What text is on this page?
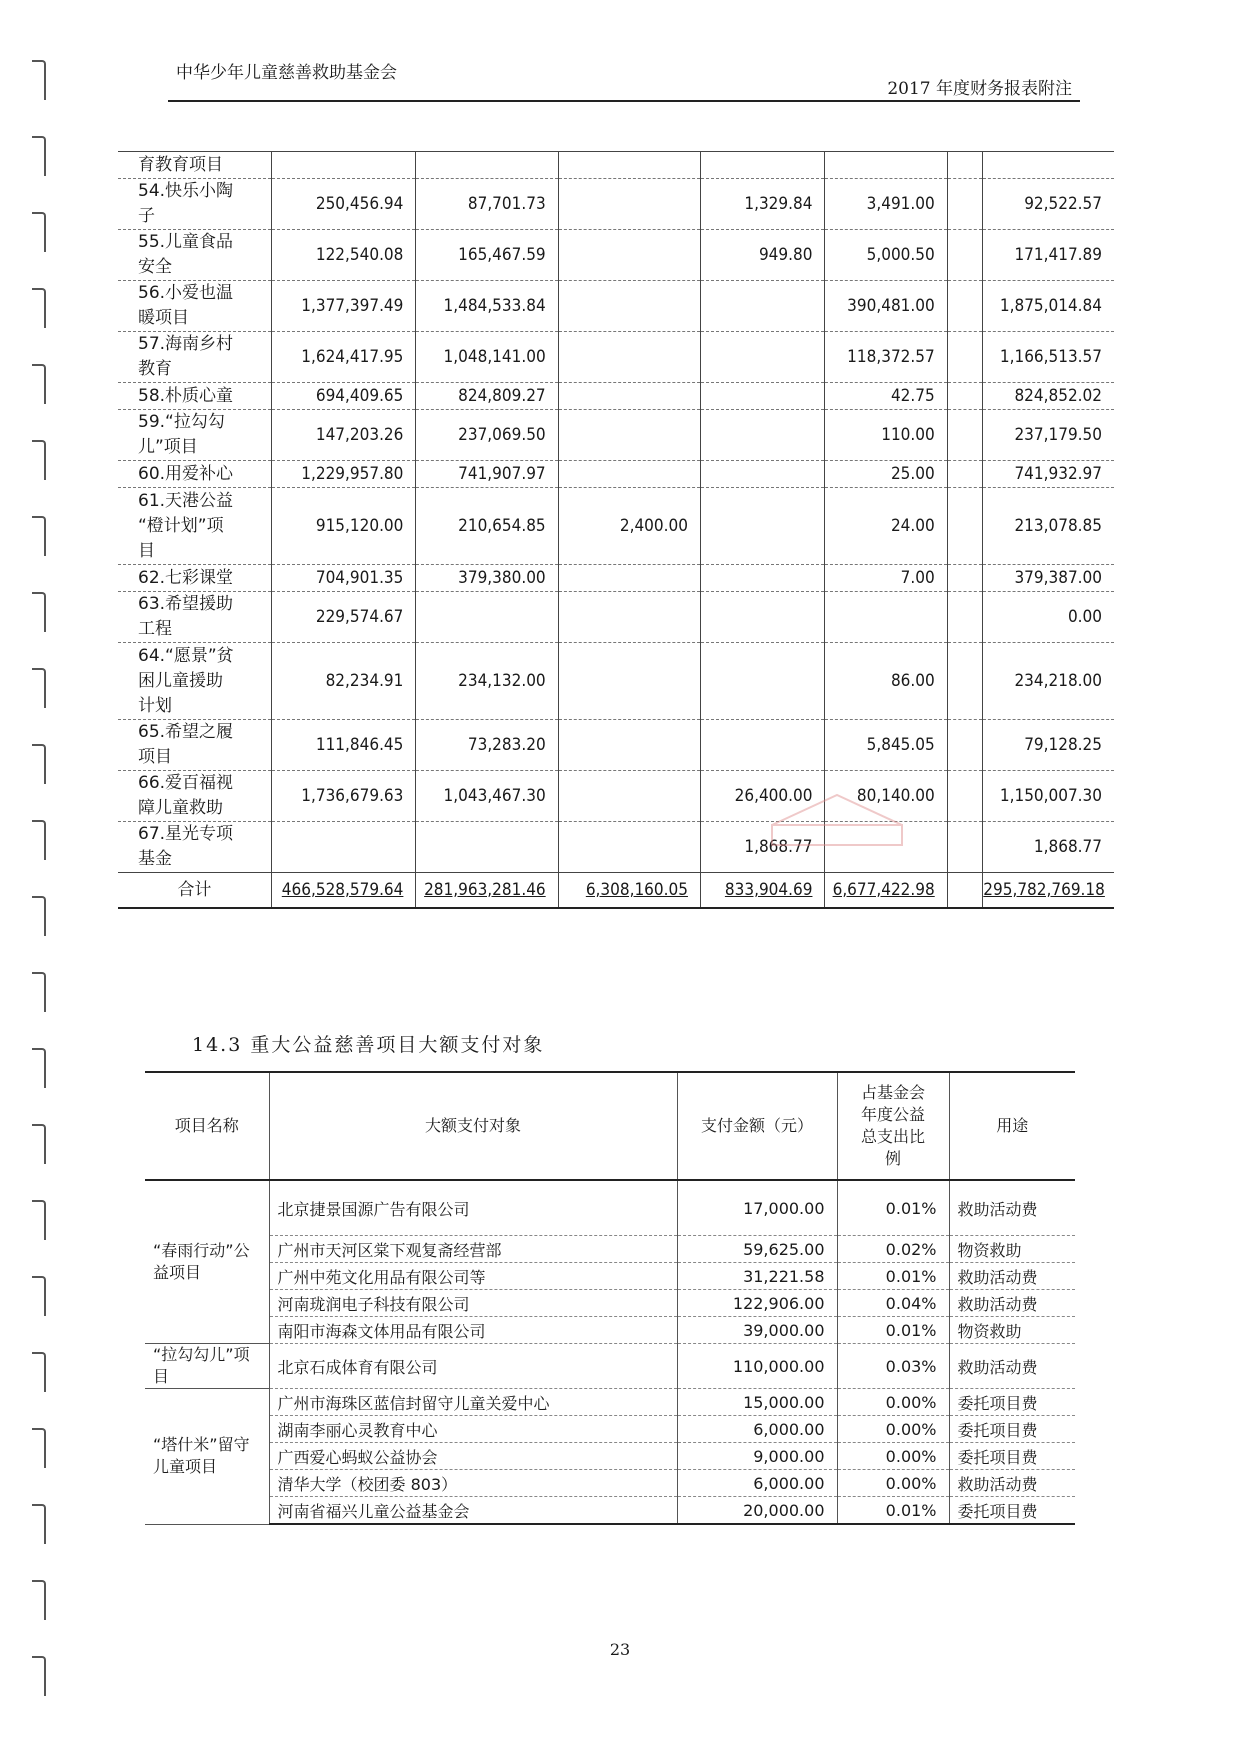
中华少年儿童慈善救助基金会
2017 年度财务报表附注
育教育项目							
54.快乐小陶
子	250,456.94	87,701.73		1,329.84	3,491.00		92,522.57
55.儿童食品
安全	122,540.08	165,467.59		949.80	5,000.50		171,417.89
56.小爱也温
暖项目	1,377,397.49	1,484,533.84			390,481.00		1,875,014.84
57.海南乡村
教育	1,624,417.95	1,048,141.00			118,372.57		1,166,513.57
58.朴质心童	694,409.65	824,809.27			42.75		824,852.02
59.“拉勾勾
儿”项目	147,203.26	237,069.50			110.00		237,179.50
60.用爱补心	1,229,957.80	741,907.97			25.00		741,932.97
61.天港公益
“橙计划”项
目	915,120.00	210,654.85	2,400.00		24.00		213,078.85
62.七彩课堂	704,901.35	379,380.00			7.00		379,387.00
63.希望援助
工程	229,574.67						0.00
64.“愿景”贫
困儿童援助
计划	82,234.91	234,132.00			86.00		234,218.00
65.希望之履
项目	111,846.45	73,283.20			5,845.05		79,128.25
66.爱百福视
障儿童救助	1,736,679.63	1,043,467.30		26,400.00	80,140.00		1,150,007.30
67.星光专项
基金				1,868.77			1,868.77
合计	466,528,579.64	281,963,281.46	6,308,160.05	833,904.69	6,677,422.98		295,782,769.18
14.3 重大公益慈善项目大额支付对象
项目名称	大额支付对象	支付金额（元）	占基金会
年度公益
总支出比
例	用途
“春雨行动”公
益项目	北京捷景国源广告有限公司	17,000.00	0.01%	救助活动费
	广州市天河区棠下观复斋经营部	59,625.00	0.02%	物资救助
	广州中苑文化用品有限公司等	31,221.58	0.01%	救助活动费
	河南珑润电子科技有限公司	122,906.00	0.04%	救助活动费
	南阳市海森文体用品有限公司	39,000.00	0.01%	物资救助
“拉勾勾儿”项
目	北京石成体育有限公司	110,000.00	0.03%	救助活动费
“塔什米”留守
儿童项目	广州市海珠区蓝信封留守儿童关爱中心	15,000.00	0.00%	委托项目费
	湖南李丽心灵教育中心	6,000.00	0.00%	委托项目费
	广西爱心蚂蚁公益协会	9,000.00	0.00%	委托项目费
	清华大学（校团委 803）	6,000.00	0.00%	救助活动费
	河南省福兴儿童公益基金会	20,000.00	0.01%	委托项目费
23
